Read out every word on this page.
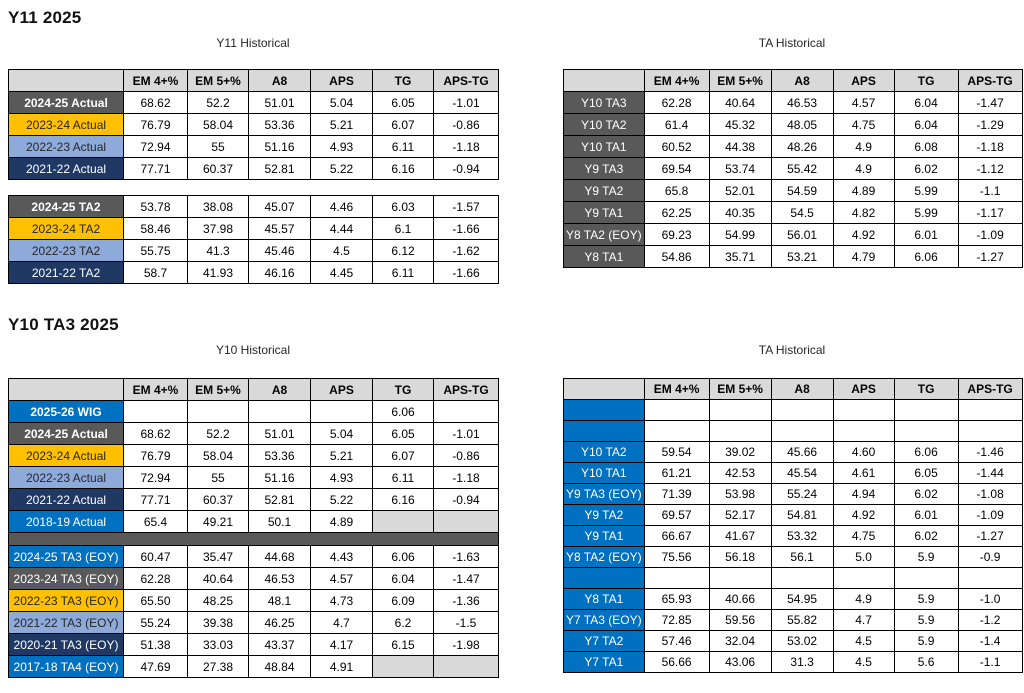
Y11 2025
Y11 Historical	TA Historical
	EM 4+%	EM 5+%	A8	APS	TG	APS-TG
2024-25 Actual	68.62	52.2	51.01	5.04	6.05	-1.01
2023-24 Actual	76.79	58.04	53.36	5.21	6.07	-0.86
2022-23 Actual	72.94	55	51.16	4.93	6.11	-1.18
2021-22 Actual	77.71	60.37	52.81	5.22	6.16	-0.94
2024-25 TA2	53.78	38.08	45.07	4.46	6.03	-1.57
2023-24 TA2	58.46	37.98	45.57	4.44	6.1	-1.66
2022-23 TA2	55.75	41.3	45.46	4.5	6.12	-1.62
2021-22 TA2	58.7	41.93	46.16	4.45	6.11	-1.66
	EM 4+%	EM 5+%	A8	APS	TG	APS-TG
Y10 TA3	62.28	40.64	46.53	4.57	6.04	-1.47
Y10 TA2	61.4	45.32	48.05	4.75	6.04	-1.29
Y10 TA1	60.52	44.38	48.26	4.9	6.08	-1.18
Y9 TA3	69.54	53.74	55.42	4.9	6.02	-1.12
Y9 TA2	65.8	52.01	54.59	4.89	5.99	-1.1
Y9 TA1	62.25	40.35	54.5	4.82	5.99	-1.17
Y8 TA2 (EOY)	69.23	54.99	56.01	4.92	6.01	-1.09
Y8 TA1	54.86	35.71	53.21	4.79	6.06	-1.27
Y10 TA3 2025
Y10 Historical	TA Historical
	EM 4+%	EM 5+%	A8	APS	TG	APS-TG
2025-26 WIG					6.06	
2024-25 Actual	68.62	52.2	51.01	5.04	6.05	-1.01
2023-24 Actual	76.79	58.04	53.36	5.21	6.07	-0.86
2022-23 Actual	72.94	55	51.16	4.93	6.11	-1.18
2021-22 Actual	77.71	60.37	52.81	5.22	6.16	-0.94
2018-19 Actual	65.4	49.21	50.1	4.89		

2024-25 TA3 (EOY)	60.47	35.47	44.68	4.43	6.06	-1.63
2023-24 TA3 (EOY)	62.28	40.64	46.53	4.57	6.04	-1.47
2022-23 TA3 (EOY)	65.50	48.25	48.1	4.73	6.09	-1.36
2021-22 TA3 (EOY)	55.24	39.38	46.25	4.7	6.2	-1.5
2020-21 TA3 (EOY)	51.38	33.03	43.37	4.17	6.15	-1.98
2017-18 TA4 (EOY)	47.69	27.38	48.84	4.91		
	EM 4+%	EM 5+%	A8	APS	TG	APS-TG

Y10 TA2	59.54	39.02	45.66	4.60	6.06	-1.46
Y10 TA1	61.21	42.53	45.54	4.61	6.05	-1.44
Y9 TA3 (EOY)	71.39	53.98	55.24	4.94	6.02	-1.08
Y9 TA2	69.57	52.17	54.81	4.92	6.01	-1.09
Y9 TA1	66.67	41.67	53.32	4.75	6.02	-1.27
Y8 TA2 (EOY)	75.56	56.18	56.1	5.0	5.9	-0.9

Y8 TA1	65.93	40.66	54.95	4.9	5.9	-1.0
Y7 TA3 (EOY)	72.85	59.56	55.82	4.7	5.9	-1.2
Y7 TA2	57.46	32.04	53.02	4.5	5.9	-1.4
Y7 TA1	56.66	43.06	31.3	4.5	5.6	-1.1
